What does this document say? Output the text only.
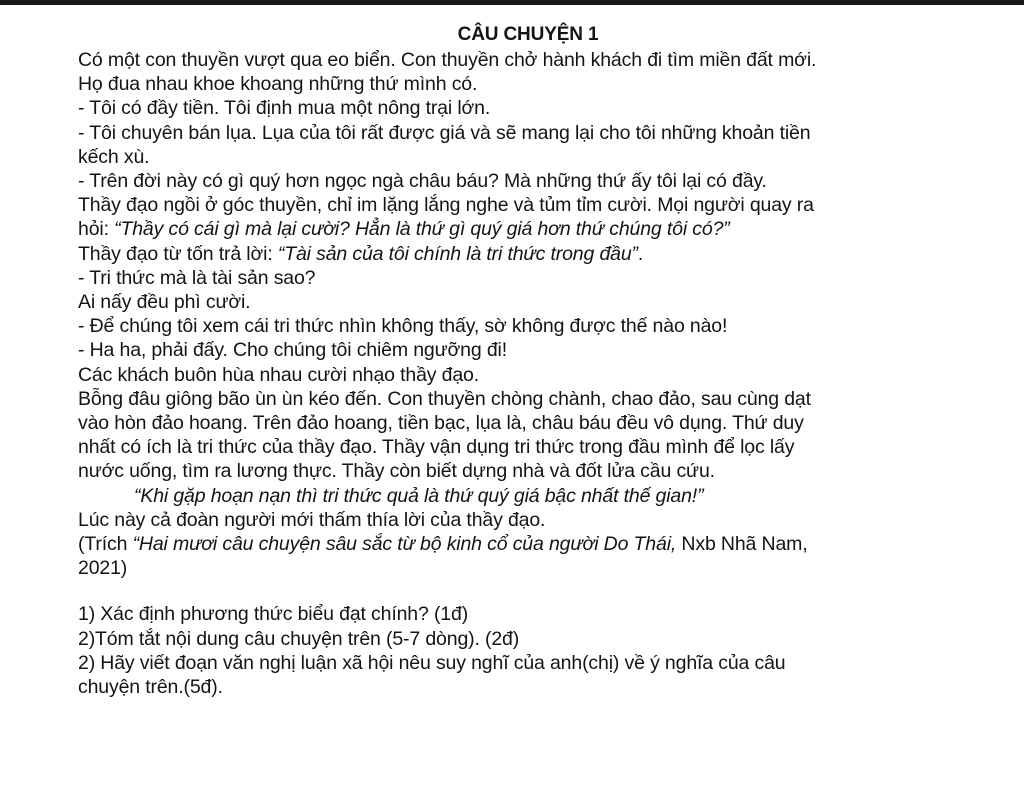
CÂU CHUYỆN 1
Có một con thuyền vượt qua eo biển. Con thuyền chở hành khách đi tìm miền đất mới.
Họ đua nhau khoe khoang những thứ mình có.
- Tôi có đầy tiền. Tôi định mua một nông trại lớn.
- Tôi chuyên bán lụa. Lụa của tôi rất được giá và sẽ mang lại cho tôi những khoản tiền
kếch xù.
- Trên đời này có gì quý hơn ngọc ngà châu báu? Mà những thứ ấy tôi lại có đầy.
Thầy đạo ngồi ở góc thuyền, chỉ im lặng lắng nghe và tủm tỉm cười. Mọi người quay ra
hỏi: “Thầy có cái gì mà lại cười? Hẳn là thứ gì quý giá hơn thứ chúng tôi có?”
Thầy đạo từ tốn trả lời: “Tài sản của tôi chính là tri thức trong đầu”.
- Tri thức mà là tài sản sao?
Ai nấy đều phì cười.
- Để chúng tôi xem cái tri thức nhìn không thấy, sờ không được thế nào nào!
- Ha ha, phải đấy. Cho chúng tôi chiêm ngưỡng đi!
Các khách buôn hùa nhau cười nhạo thầy đạo.
Bỗng đâu giông bão ùn ùn kéo đến. Con thuyền chòng chành, chao đảo, sau cùng dạt
vào hòn đảo hoang. Trên đảo hoang, tiền bạc, lụa là, châu báu đều vô dụng. Thứ duy
nhất có ích là tri thức của thầy đạo. Thầy vận dụng tri thức trong đầu mình để lọc lấy
nước uống, tìm ra lương thực. Thầy còn biết dựng nhà và đốt lửa cầu cứu.
“Khi gặp hoạn nạn thì tri thức quả là thứ quý giá bậc nhất thế gian!”
Lúc này cả đoàn người mới thấm thía lời của thầy đạo.
(Trích “Hai mươi câu chuyện sâu sắc từ bộ kinh cổ của người Do Thái, Nxb Nhã Nam,
2021)
1) Xác định phương thức biểu đạt chính? (1đ)
2)Tóm tắt nội dung câu chuyện trên (5-7 dòng). (2đ)
2) Hãy viết đoạn văn nghị luận xã hội nêu suy nghĩ của anh(chị) về ý nghĩa của câu
chuyện trên.(5đ).
